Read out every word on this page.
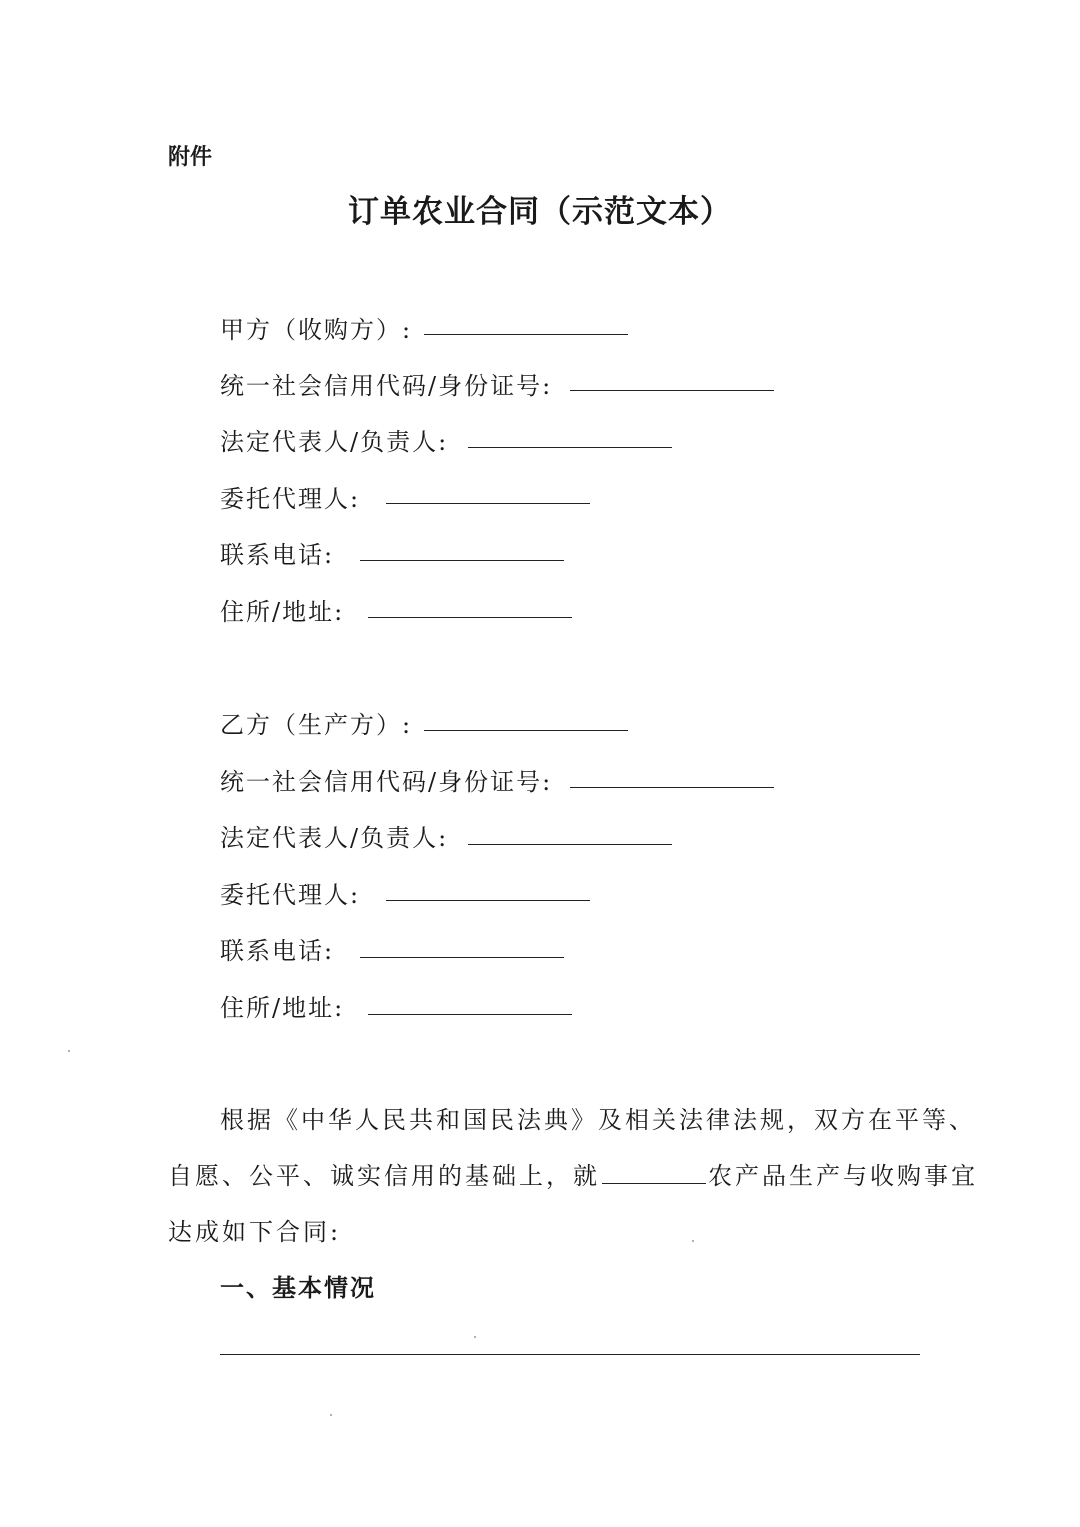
附件
订单农业合同（示范文本）
甲方（收购方）:
统一社会信用代码/身份证号:
法定代表人/负责人:
委托代理人:
联系电话:
住所/地址:
乙方（生产方）:
统一社会信用代码/身份证号:
法定代表人/负责人:
委托代理人:
联系电话:
住所/地址:
根据《中华人民共和国民法典》及相关法律法规，双方在平等、
自愿、公平、诚实信用的基础上，就	农产品生产与收购事宜
达成如下合同:
一、基本情况
